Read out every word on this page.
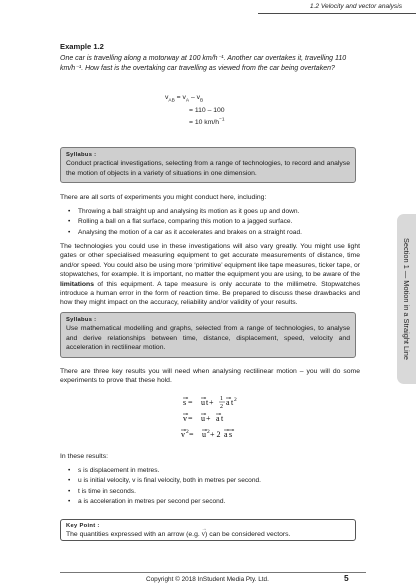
1.2 Velocity and vector analysis
Section 1 — Motion in a Straight Line
Example 1.2
One car is travelling along a motorway at 100 km/h⁻¹. Another car overtakes it, travelling 110 km/h⁻¹. How fast is the overtaking car travelling as viewed from the car being overtaken?
$v_{AB} = v_A - v_B$
= 110 – 100
= 10 $km/h^{-1}$
Syllabus :
Conduct practical investigations, selecting from a range of technologies, to record and analyse the motion of objects in a variety of situations in one dimension.
There are all sorts of experiments you might conduct here, including:
• Throwing a ball straight up and analysing its motion as it goes up and down.
• Rolling a ball on a flat surface, comparing this motion to a jagged surface.
• Analysing the motion of a car as it accelerates and brakes on a straight road.
The technologies you could use in these investigations will also vary greatly. You might use light gates or other specialised measuring equipment to get accurate measurements of distance, time and/or speed. You could also be using more ‘primitive’ equipment like tape measures, ticker tape, or stopwatches, for example. It is important, no matter the equipment you are using, to be aware of the limitations of this equipment. A tape measure is only accurate to the millimetre. Stopwatches introduce a human error in the form of reaction time. Be prepared to discuss these drawbacks and how they might impact on the accuracy, reliability and/or validity of your results.
Syllabus :
Use mathematical modelling and graphs, selected from a range of technologies, to analyse and derive relationships between time, distance, displacement, speed, velocity and acceleration in rectilinear motion.
There are three key results you will need when analysing rectilinear motion – you will do some experiments to prove that these hold.
s = u t + 1
2 a t 2
v = u + a t
v 2 = u 2 + 2 a s
In these results:
• s is displacement in metres.
• u is initial velocity, v is final velocity, both in metres per second.
• t is time in seconds.
• a is acceleration in metres per second per second.
Key Point :
The quantities expressed with an arrow (e.g.
→
v) can be considered vectors.
Copyright © 2018 InStudent Media Pty. Ltd.	5
